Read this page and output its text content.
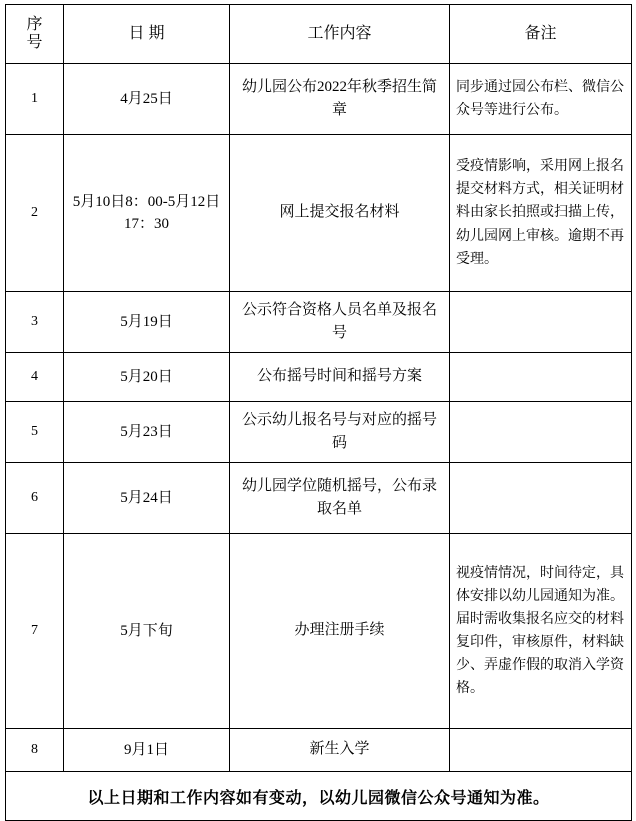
序
号	日 期	工作内容	备注
1	4月25日	幼儿园公布2022年秋季招生简章	同步通过园公布栏、微信公 众号等进行公布。
2	5月10日8：00-5月12日17：30	网上提交报名材料	受疫情影响，采用网上报名提交材料方式，相关证明材料由家长拍照或扫描上传，幼儿园网上审核。逾期不再受理。
3	5月19日	公示符合资格人员名单及报名号	
4	5月20日	公布摇号时间和摇号方案	
5	5月23日	公示幼儿报名号与对应的摇号码	
6	5月24日	幼儿园学位随机摇号，公布录取名单	
7	5月下旬	办理注册手续	视疫情情况，时间待定，具体安排以幼儿园通知为准。届时需收集报名应交的材料复印件，审核原件，材料缺少、弄虚作假的取消入学资格。
8	9月1日	新生入学	
以上日期和工作内容如有变动，以幼儿园微信公众号通知为准。			
